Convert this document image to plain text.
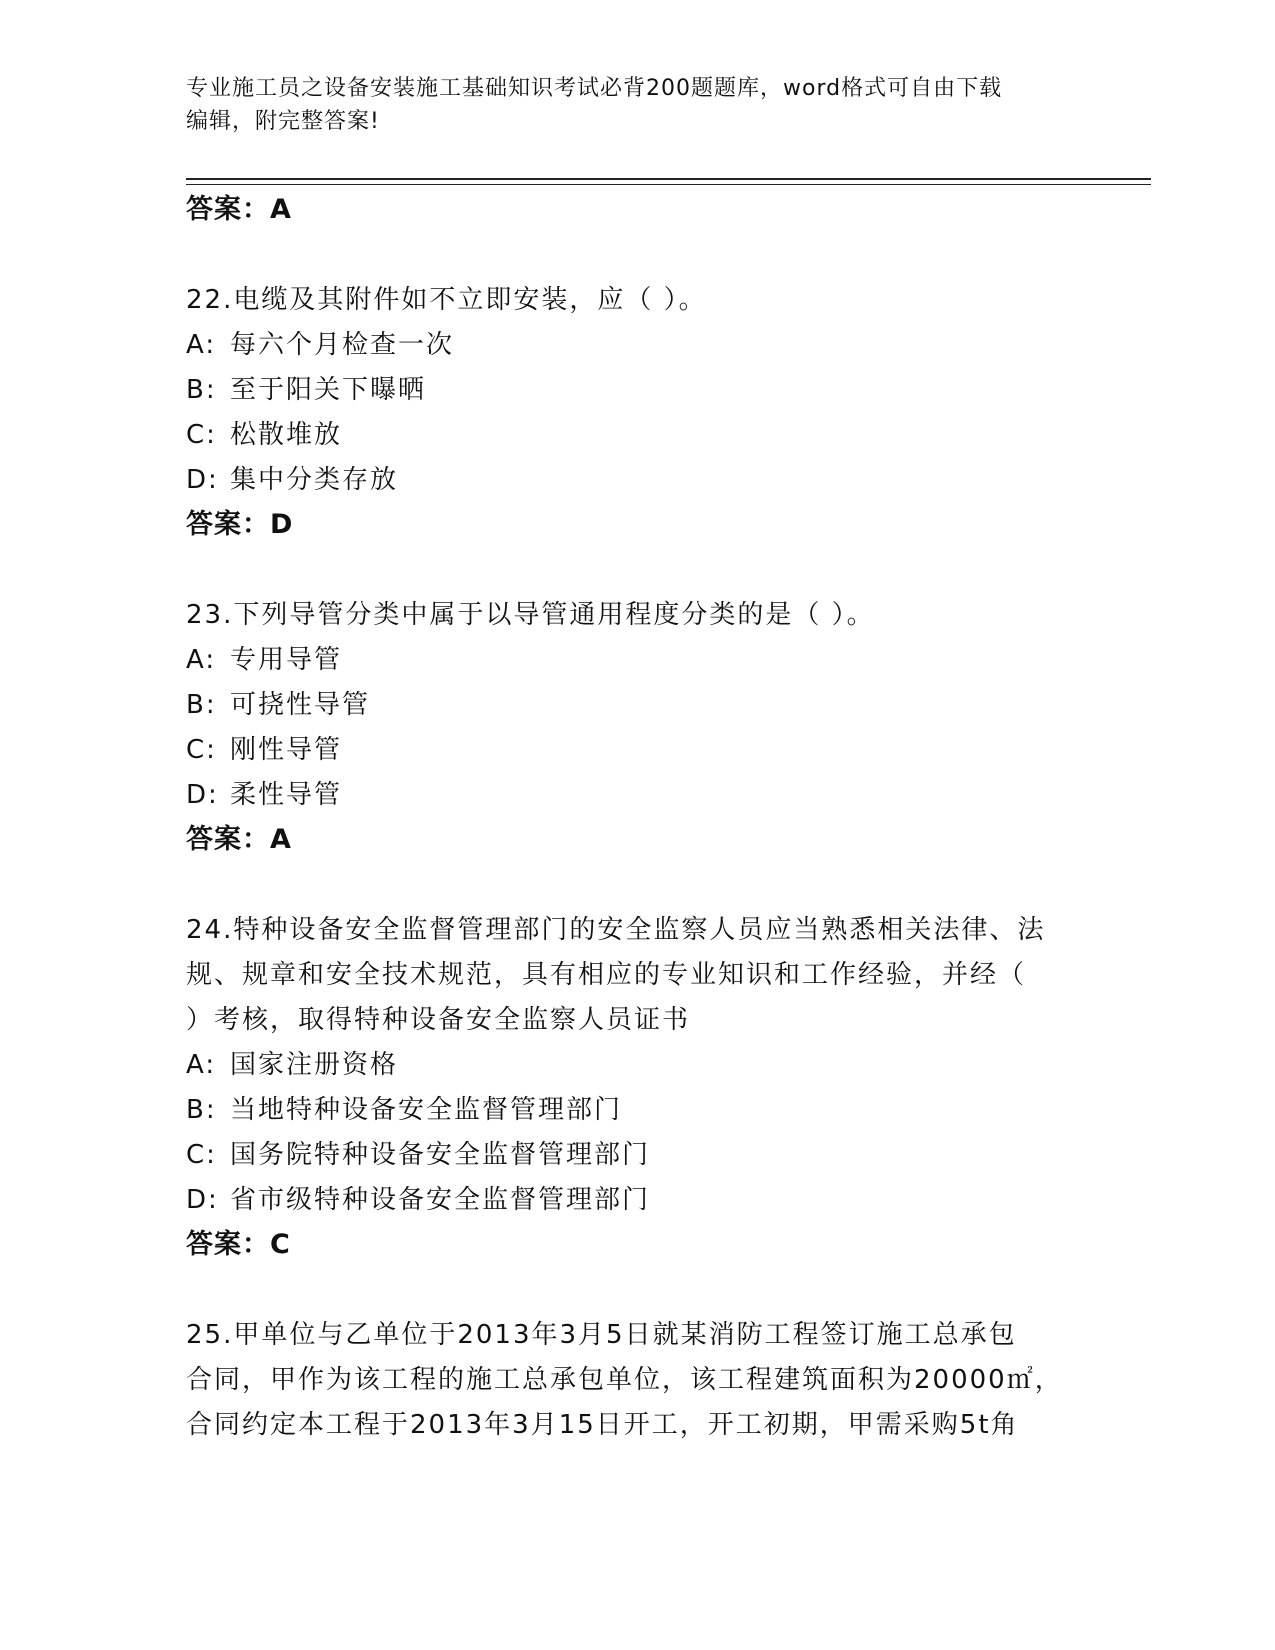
专业施工员之设备安装施工基础知识考试必背200题题库，word格式可自由下载
编辑，附完整答案!
答案：A
22.电缆及其附件如不立即安装，应（ ）。
A: 每六个月检查一次
B: 至于阳关下曝晒
C: 松散堆放
D: 集中分类存放
答案：D
23.下列导管分类中属于以导管通用程度分类的是（ ）。
A: 专用导管
B: 可挠性导管
C: 刚性导管
D: 柔性导管
答案：A
24.特种设备安全监督管理部门的安全监察人员应当熟悉相关法律、法
规、规章和安全技术规范，具有相应的专业知识和工作经验，并经（
）考核，取得特种设备安全监察人员证书
A: 国家注册资格
B: 当地特种设备安全监督管理部门
C: 国务院特种设备安全监督管理部门
D: 省市级特种设备安全监督管理部门
答案：C
25.甲单位与乙单位于2013年3月5日就某消防工程签订施工总承包
合同，甲作为该工程的施工总承包单位，该工程建筑面积为20000㎡，
合同约定本工程于2013年3月15日开工，开工初期，甲需采购5t角
